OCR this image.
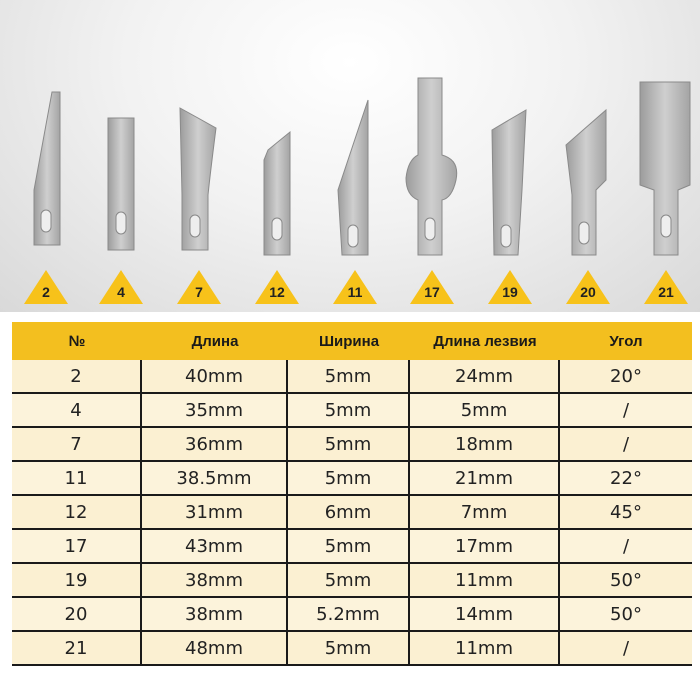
2	4	7	12	11	17	19	20	21
№	Длина	Ширина	Длина лезвия	Угол
2	40mm	5mm	24mm	20°
4	35mm	5mm	5mm	/
7	36mm	5mm	18mm	/
11	38.5mm	5mm	21mm	22°
12	31mm	6mm	7mm	45°
17	43mm	5mm	17mm	/
19	38mm	5mm	11mm	50°
20	38mm	5.2mm	14mm	50°
21	48mm	5mm	11mm	/
